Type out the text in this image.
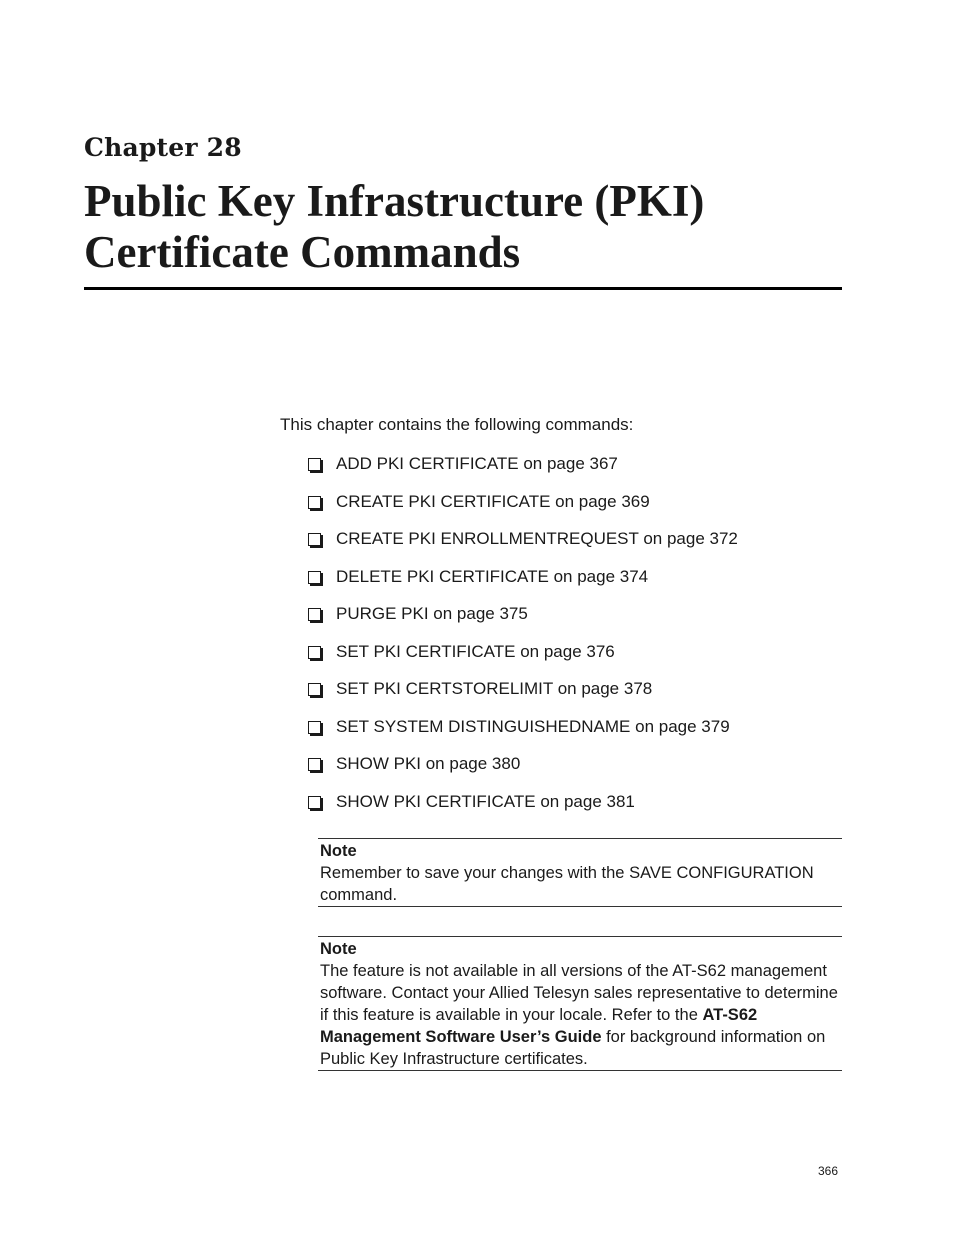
Chapter 28
Public Key Infrastructure (PKI)
Certificate Commands
This chapter contains the following commands:
ADD PKI CERTIFICATE on page 367
CREATE PKI CERTIFICATE on page 369
CREATE PKI ENROLLMENTREQUEST on page 372
DELETE PKI CERTIFICATE on page 374
PURGE PKI on page 375
SET PKI CERTIFICATE on page 376
SET PKI CERTSTORELIMIT on page 378
SET SYSTEM DISTINGUISHEDNAME on page 379
SHOW PKI on page 380
SHOW PKI CERTIFICATE on page 381
Note
Remember to save your changes with the SAVE CONFIGURATION command.
Note
The feature is not available in all versions of the AT-S62 management software. Contact your Allied Telesyn sales representative to determine if this feature is available in your locale. Refer to the AT-S62 Management Software User’s Guide for background information on Public Key Infrastructure certificates.
366
